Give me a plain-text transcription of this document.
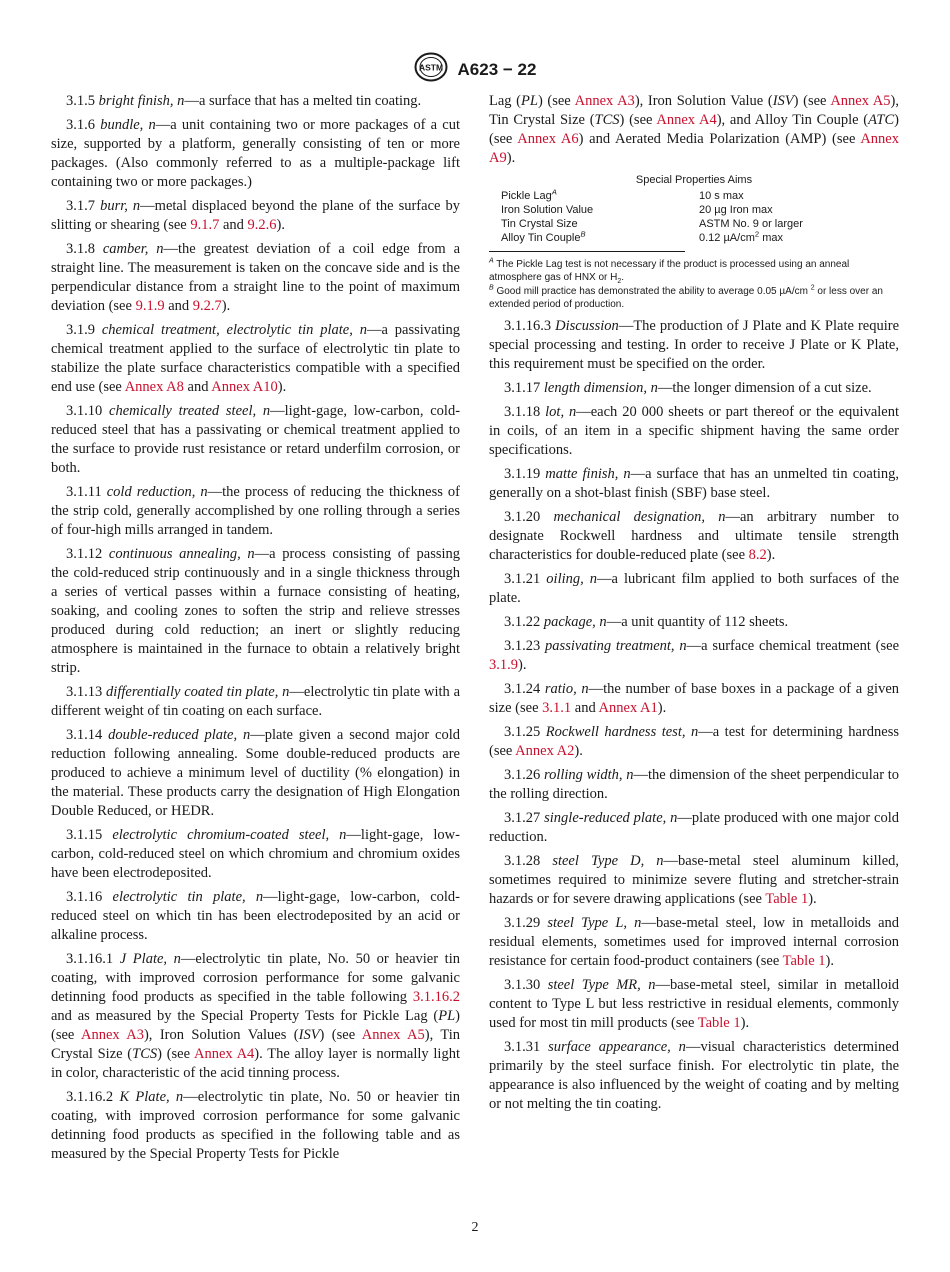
ASTM A623 − 22

3.1.5 bright finish, n—a surface that has a melted tin coating.

3.1.6 bundle, n—a unit containing two or more packages of a cut size, supported by a platform, generally consisting of ten or more packages. (Also commonly referred to as a multiple-package lift containing two or more packages.)

3.1.7 burr, n—metal displaced beyond the plane of the surface by slitting or shearing (see 9.1.7 and 9.2.6).

3.1.8 camber, n—the greatest deviation of a coil edge from a straight line. The measurement is taken on the concave side and is the perpendicular distance from a straight line to the point of maximum deviation (see 9.1.9 and 9.2.7).

3.1.9 chemical treatment, electrolytic tin plate, n—a passivating chemical treatment applied to the surface of electrolytic tin plate to stabilize the plate surface characteristics compatible with a specified end use (see Annex A8 and Annex A10).

3.1.10 chemically treated steel, n—light-gage, low-carbon, cold-reduced steel that has a passivating or chemical treatment applied to the surface to provide rust resistance or retard underfilm corrosion, or both.

3.1.11 cold reduction, n—the process of reducing the thickness of the strip cold, generally accomplished by one rolling through a series of four-high mills arranged in tandem.

3.1.12 continuous annealing, n—a process consisting of passing the cold-reduced strip continuously and in a single thickness through a series of vertical passes within a furnace consisting of heating, soaking, and cooling zones to soften the strip and relieve stresses produced during cold reduction; an inert or slightly reducing atmosphere is maintained in the furnace to obtain a relatively bright strip.

3.1.13 differentially coated tin plate, n—electrolytic tin plate with a different weight of tin coating on each surface.

3.1.14 double-reduced plate, n—plate given a second major cold reduction following annealing. Some double-reduced products are produced to achieve a minimum level of ductility (% elongation) in the material. These products carry the designation of High Elongation Double Reduced, or HEDR.

3.1.15 electrolytic chromium-coated steel, n—light-gage, low-carbon, cold-reduced steel on which chromium and chromium oxides have been electrodeposited.

3.1.16 electrolytic tin plate, n—light-gage, low-carbon, cold-reduced steel on which tin has been electrodeposited by an acid or alkaline process.

3.1.16.1 J Plate, n—electrolytic tin plate, No. 50 or heavier tin coating, with improved corrosion performance for some galvanic detinning food products as specified in the table following 3.1.16.2 and as measured by the Special Property Tests for Pickle Lag (PL) (see Annex A3), Iron Solution Values (ISV) (see Annex A5), Tin Crystal Size (TCS) (see Annex A4). The alloy layer is normally light in color, characteristic of the acid tinning process.

3.1.16.2 K Plate, n—electrolytic tin plate, No. 50 or heavier tin coating, with improved corrosion performance for some galvanic detinning food products as specified in the following table and as measured by the Special Property Tests for Pickle

Lag (PL) (see Annex A3), Iron Solution Value (ISV) (see Annex A5), Tin Crystal Size (TCS) (see Annex A4), and Alloy Tin Couple (ATC) (see Annex A6) and Aerated Media Polarization (AMP) (see Annex A9).

Special Properties Aims
Pickle Lag$^A$	10 s max
Iron Solution Value	20 µg Iron max
Tin Crystal Size	ASTM No. 9 or larger
Alloy Tin Couple$^B$	0.12 $\mu A/cm^2$ max

$^A$ The Pickle Lag test is not necessary if the product is processed using an anneal atmosphere gas of HNX or $H_2$.

$^B$ Good mill practice has demonstrated the ability to average 0.05 µA/cm $^2$ or less over an extended period of production.

3.1.16.3 Discussion—The production of J Plate and K Plate require special processing and testing. In order to receive J Plate or K Plate, this requirement must be specified on the order.

3.1.17 length dimension, n—the longer dimension of a cut size.

3.1.18 lot, n—each 20 000 sheets or part thereof or the equivalent in coils, of an item in a specific shipment having the same order specifications.

3.1.19 matte finish, n—a surface that has an unmelted tin coating, generally on a shot-blast finish (SBF) base steel.

3.1.20 mechanical designation, n—an arbitrary number to designate Rockwell hardness and ultimate tensile strength characteristics for double-reduced plate (see 8.2).

3.1.21 oiling, n—a lubricant film applied to both surfaces of the plate.

3.1.22 package, n—a unit quantity of 112 sheets.

3.1.23 passivating treatment, n—a surface chemical treatment (see 3.1.9).

3.1.24 ratio, n—the number of base boxes in a package of a given size (see 3.1.1 and Annex A1).

3.1.25 Rockwell hardness test, n—a test for determining hardness (see Annex A2).

3.1.26 rolling width, n—the dimension of the sheet perpendicular to the rolling direction.

3.1.27 single-reduced plate, n—plate produced with one major cold reduction.

3.1.28 steel Type D, n—base-metal steel aluminum killed, sometimes required to minimize severe fluting and stretcher-strain hazards or for severe drawing applications (see Table 1).

3.1.29 steel Type L, n—base-metal steel, low in metalloids and residual elements, sometimes used for improved internal corrosion resistance for certain food-product containers (see Table 1).

3.1.30 steel Type MR, n—base-metal steel, similar in metalloid content to Type L but less restrictive in residual elements, commonly used for most tin mill products (see Table 1).

3.1.31 surface appearance, n—visual characteristics determined primarily by the steel surface finish. For electrolytic tin plate, the appearance is also influenced by the weight of coating and by melting or not melting the tin coating.

2
